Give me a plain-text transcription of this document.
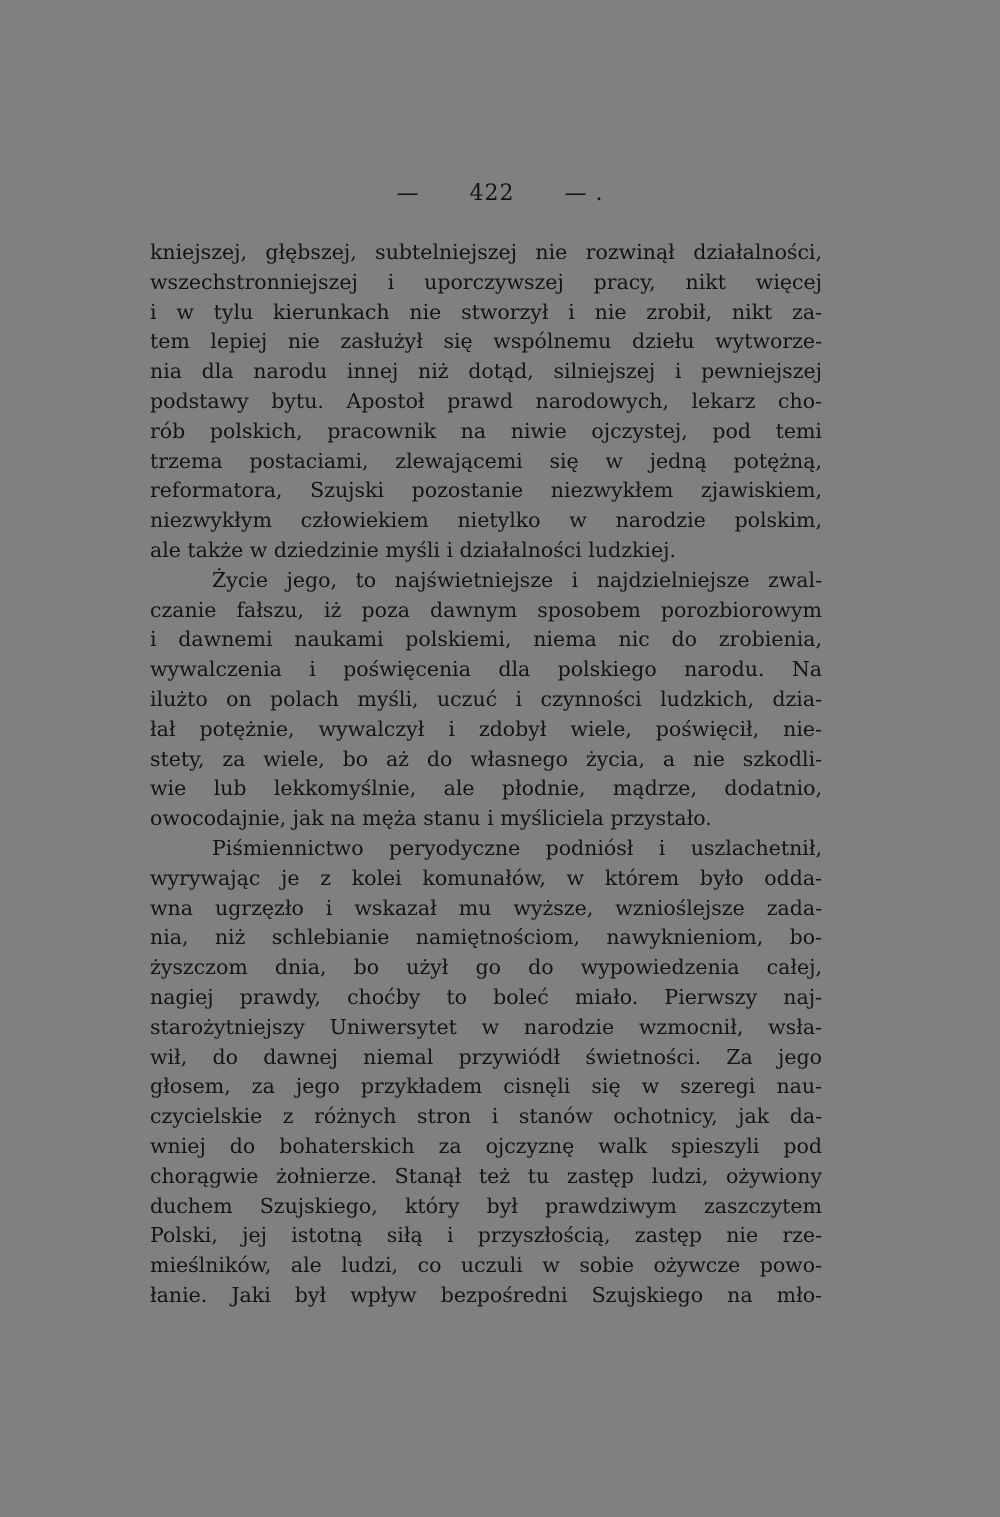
— 422 — .
kniejszej, głębszej, subtelniejszej nie rozwinął działalności,
wszechstronniejszej i uporczywszej pracy, nikt więcej
i w tylu kierunkach nie stworzył i nie zrobił, nikt za-
tem lepiej nie zasłużył się wspólnemu dziełu wytworze-
nia dla narodu innej niż dotąd, silniejszej i pewniejszej
podstawy bytu. Apostoł prawd narodowych, lekarz cho-
rób polskich, pracownik na niwie ojczystej, pod temi
trzema postaciami, zlewającemi się w jedną potężną,
reformatora, Szujski pozostanie niezwykłem zjawiskiem,
niezwykłym człowiekiem nietylko w narodzie polskim,
ale także w dziedzinie myśli i działalności ludzkiej.
Życie jego, to najświetniejsze i najdzielniejsze zwal-
czanie fałszu, iż poza dawnym sposobem porozbiorowym
i dawnemi naukami polskiemi, niema nic do zrobienia,
wywalczenia i poświęcenia dla polskiego narodu. Na
ilużto on polach myśli, uczuć i czynności ludzkich, dzia-
łał potężnie, wywalczył i zdobył wiele, poświęcił, nie-
stety, za wiele, bo aż do własnego życia, a nie szkodli-
wie lub lekkomyślnie, ale płodnie, mądrze, dodatnio,
owocodajnie, jak na męża stanu i myśliciela przystało.
Piśmiennictwo peryodyczne podniósł i uszlachetnił,
wyrywając je z kolei komunałów, w którem było odda-
wna ugrzęzło i wskazał mu wyższe, wznioślejsze zada-
nia, niż schlebianie namiętnościom, nawyknieniom, bo-
żyszczom dnia, bo użył go do wypowiedzenia całej,
nagiej prawdy, choćby to bolеć miało. Pierwszy naj-
starożytniejszy Uniwersytet w narodzie wzmocnił, wsła-
wił, do dawnej niemal przywiódł świetności. Za jego
głosem, za jego przykładem cisnęli się w szeregi nau-
czycielskie z różnych stron i stanów ochotnicy, jak da-
wniej do bohaterskich za ojczyznę walk spieszyli pod
chorągwie żołnierze. Stanął też tu zastęp ludzi, ożywiony
duchem Szujskiego, który był prawdziwym zaszczytem
Polski, jej istotną siłą i przyszłością, zastęp nie rze-
mieślników, ale ludzi, co uczuli w sobie ożywcze powo-
łanie. Jaki był wpływ bezpośredni Szujskiego na mło-
